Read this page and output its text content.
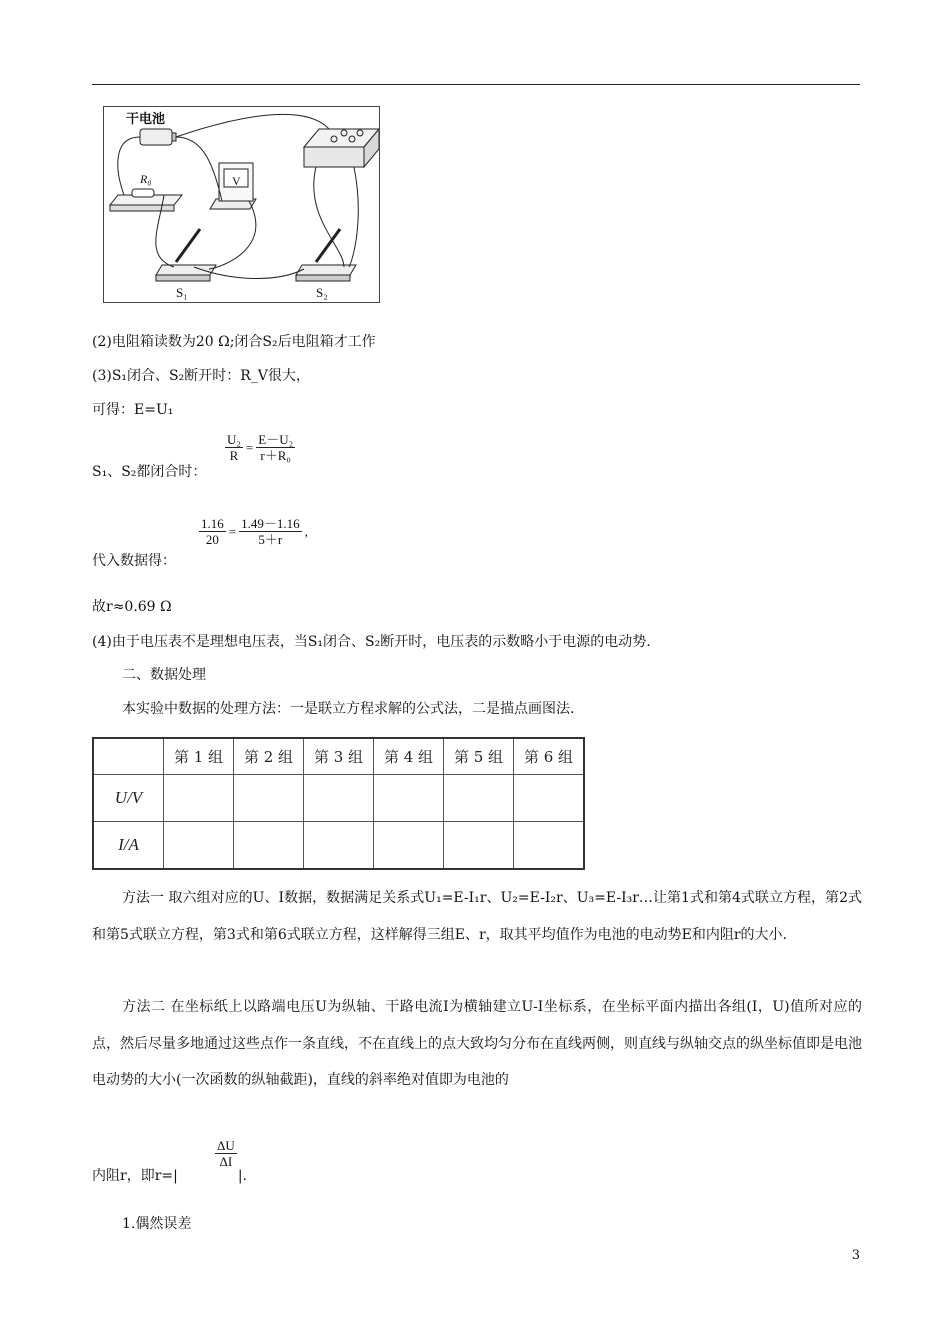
干电池
R₀	V
S₁	S₂
(2)电阻箱读数为20 Ω;闭合S₂后电阻箱才工作
(3)S₁闭合、S₂断开时：R_V很大，
可得：E=U₁
S₁、S₂都闭合时：
$\frac{\text{U₂}}{R} = \frac{\text{E－U₂}}{\text{r＋R₀}}$
代入数据得：
$\frac{1.16}{20} = \frac{1.49-1.16}{5+r}$ ,
故r≈0.69 Ω
(4)由于电压表不是理想电压表，当S₁闭合、S₂断开时，电压表的示数略小于电源的电动势.
二、数据处理
本实验中数据的处理方法：一是联立方程求解的公式法，二是描点画图法.
	第 1 组	第 2 组	第 3 组	第 4 组	第 5 组	第 6 组
U/V						
I/A						
方法一 取六组对应的U、I数据，数据满足关系式U₁=E-I₁r、U₂=E-I₂r、U₃=E-I₃r…让第1式和第4式联立方程，第2式和第5式联立方程，第3式和第6式联立方程，这样解得三组E、r，取其平均值作为电池的电动势E和内阻r的大小.
方法二 在坐标纸上以路端电压U为纵轴、干路电流I为横轴建立U-I坐标系，在坐标平面内描出各组(I，U)值所对应的点，然后尽量多地通过这些点作一条直线，不在直线上的点大致均匀分布在直线两侧，则直线与纵轴交点的纵坐标值即是电池电动势的大小(一次函数的纵轴截距)，直线的斜率绝对值即为电池的
内阻r，即r=|	|.
ΔU
ΔI
1.偶然误差
3
